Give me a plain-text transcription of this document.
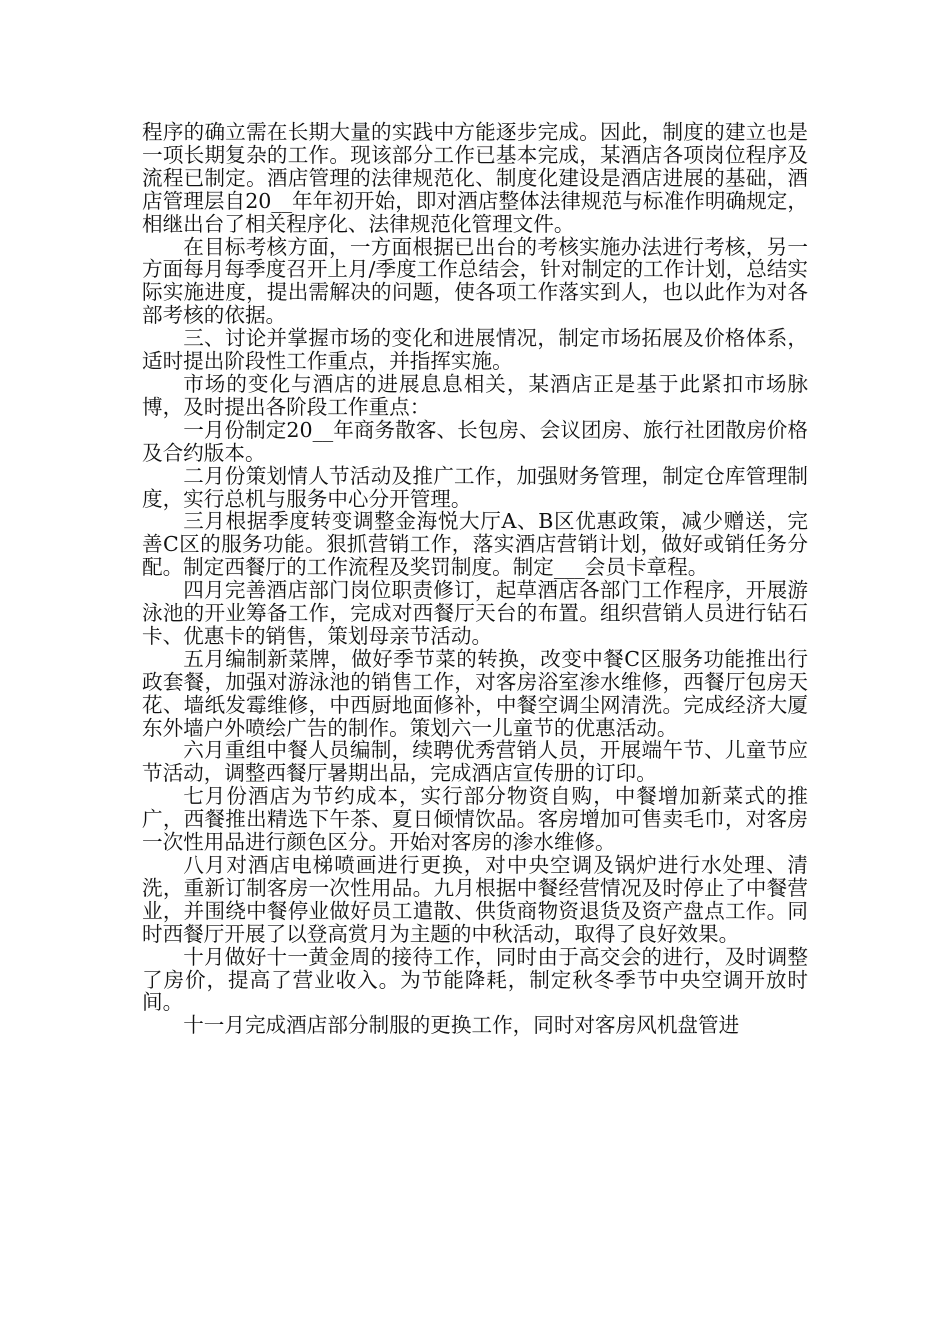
程序的确立需在长期大量的实践中方能逐步完成。因此，制度的建立也是一项长期复杂的工作。现该部分工作已基本完成，某酒店各项岗位程序及流程已制定。酒店管理的法律规范化、制度化建设是酒店进展的基础，酒店管理层自20__年年初开始，即对酒店整体法律规范与标准作明确规定，相继出台了相关程序化、法律规范化管理文件。

在目标考核方面，一方面根据已出台的考核实施办法进行考核，另一方面每月每季度召开上月/季度工作总结会，针对制定的工作计划，总结实际实施进度，提出需解决的问题，使各项工作落实到人，也以此作为对各部考核的依据。

三、讨论并掌握市场的变化和进展情况，制定市场拓展及价格体系，适时提出阶段性工作重点，并指挥实施。

市场的变化与酒店的进展息息相关，某酒店正是基于此紧扣市场脉博，及时提出各阶段工作重点：

一月份制定20__年商务散客、长包房、会议团房、旅行社团散房价格及合约版本。

二月份策划情人节活动及推广工作，加强财务管理，制定仓库管理制度，实行总机与服务中心分开管理。

三月根据季度转变调整金海悦大厅A、B区优惠政策，减少赠送，完善C区的服务功能。狠抓营销工作，落实酒店营销计划，做好或销任务分配。制定西餐厅的工作流程及奖罚制度。制定___会员卡章程。

四月完善酒店部门岗位职责修订，起草酒店各部门工作程序，开展游泳池的开业筹备工作，完成对西餐厅天台的布置。组织营销人员进行钻石卡、优惠卡的销售，策划母亲节活动。

五月编制新菜牌，做好季节菜的转换，改变中餐C区服务功能推出行政套餐，加强对游泳池的销售工作，对客房浴室渗水维修，西餐厅包房天花、墙纸发霉维修，中西厨地面修补，中餐空调尘网清洗。完成经济大厦东外墙户外喷绘广告的制作。策划六一儿童节的优惠活动。

六月重组中餐人员编制，续聘优秀营销人员，开展端午节、儿童节应节活动，调整西餐厅暑期出品，完成酒店宣传册的订印。

七月份酒店为节约成本，实行部分物资自购，中餐增加新菜式的推广，西餐推出精选下午茶、夏日倾情饮品。客房增加可售卖毛巾，对客房一次性用品进行颜色区分。开始对客房的渗水维修。

八月对酒店电梯喷画进行更换，对中央空调及锅炉进行水处理、清洗，重新订制客房一次性用品。九月根据中餐经营情况及时停止了中餐营业，并围绕中餐停业做好员工遣散、供货商物资退货及资产盘点工作。同时西餐厅开展了以登高赏月为主题的中秋活动，取得了良好效果。

十月做好十一黄金周的接待工作，同时由于高交会的进行，及时调整了房价，提高了营业收入。为节能降耗，制定秋冬季节中央空调开放时间。

十一月完成酒店部分制服的更换工作，同时对客房风机盘管进
